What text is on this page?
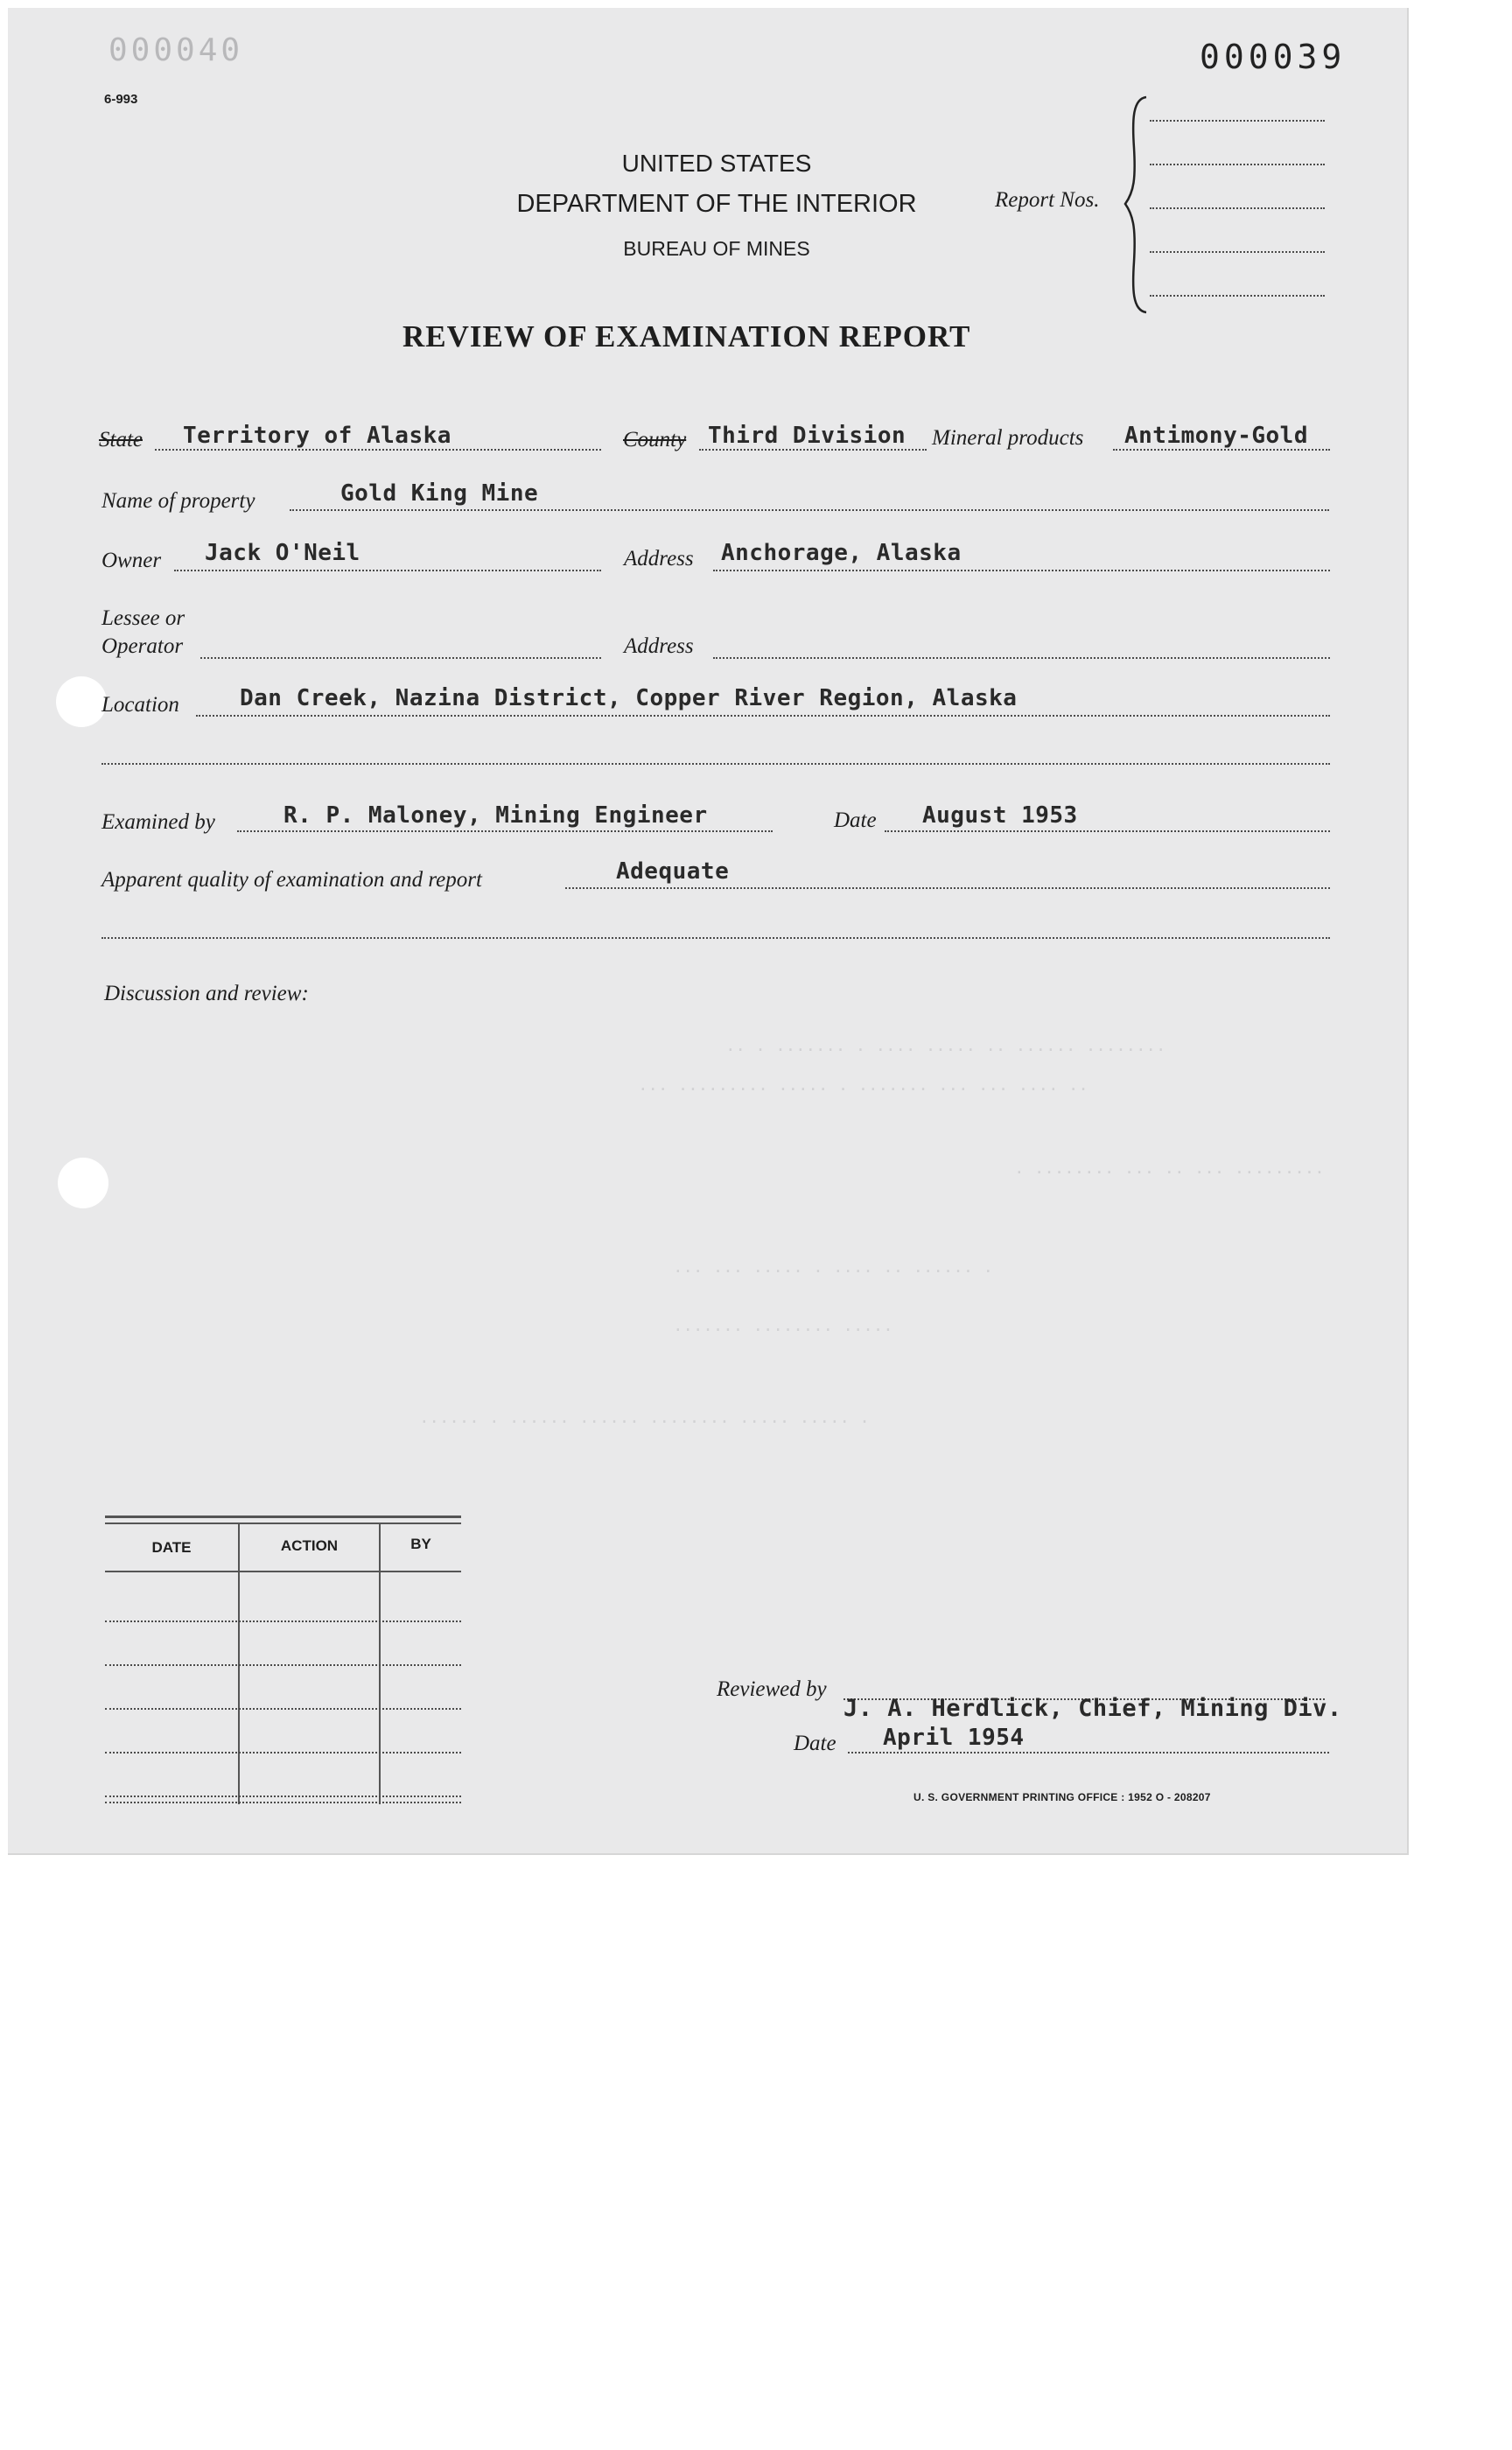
········ ······ ·· ····· ···· · ······· · ··
·· ···· ··· ··· ······· · ····· ········· ···
········· ··· ·· ··· ········ ·
· ······ ·· ···· · ····· ··· ···
····· ········ ·······
· ····· ····· ········ ······ ······ · ······
000040
6-993
000039
UNITED STATES
DEPARTMENT OF THE INTERIOR
BUREAU OF MINES
Report Nos.
REVIEW OF EXAMINATION REPORT
State Territory of Alaska	County Third Division Mineral products Antimony-Gold
Name of property	Gold King Mine
Owner Jack O'Neil	Address Anchorage, Alaska
Lessee or
Operator	Address
Location	Dan Creek, Nazina District, Copper River Region, Alaska
Examined by	R. P. Maloney, Mining Engineer	Date August 1953
Apparent quality of examination and report	Adequate
Discussion and review:
DATE	ACTION	BY
Reviewed by
J. A. Herdlick, Chief, Mining Div.
Date April 1954
U. S. GOVERNMENT PRINTING OFFICE : 1952 O - 208207
